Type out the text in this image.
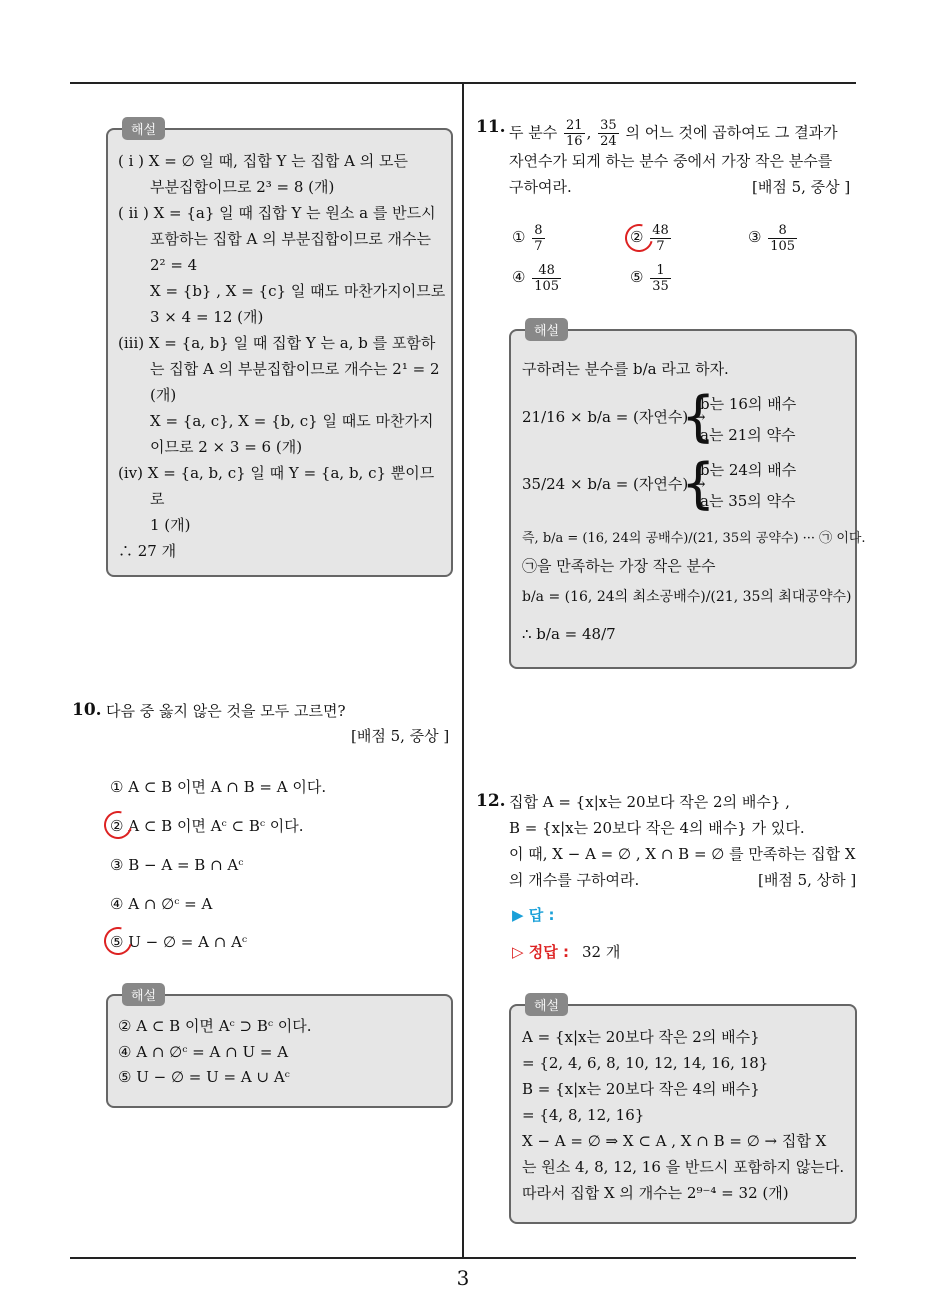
3
해설
( i ) X = ∅ 일 때, 집합 Y 는 집합 A 의 모든
부분집합이므로 2³ = 8 (개)
( ii ) X = {a} 일 때 집합 Y 는 원소 a 를 반드시
포함하는 집합 A 의 부분집합이므로 개수는
2² = 4
X = {b} , X = {c} 일 때도 마찬가지이므로
3 × 4 = 12 (개)
(iii) X = {a, b} 일 때 집합 Y 는 a, b 를 포함하
는 집합 A 의 부분집합이므로 개수는 2¹ = 2
(개)
X = {a, c}, X = {b, c} 일 때도 마찬가지
이므로 2 × 3 = 6 (개)
(iv) X = {a, b, c} 일 때 Y = {a, b, c} 뿐이므
로
1 (개)
∴ 27 개
10. 다음 중 옳지 않은 것을 모두 고르면?
[배점 5, 중상 ]
① A ⊂ B 이면 A ∩ B = A 이다.
② A ⊂ B 이면 Aᶜ ⊂ Bᶜ 이다.
③ B − A = B ∩ Aᶜ
④ A ∩ ∅ᶜ = A
⑤ U − ∅ = A ∩ Aᶜ
해설
② A ⊂ B 이면 Aᶜ ⊃ Bᶜ 이다.
④ A ∩ ∅ᶜ = A ∩ U = A
⑤ U − ∅ = U = A ∪ Aᶜ
11. 두 분수 $\frac{21}{16}$ , $\frac{35}{24}$ 의 어느 것에 곱하여도 그 결과가
자연수가 되게 하는 분수 중에서 가장 작은 분수를
구하여라.	[배점 5, 중상 ]
① $\frac{8}{7}$	② $\frac{48}{7}$	③ $\frac{8}{105}$
④ $\frac{48}{105}$	⑤ $\frac{1}{35}$
해설
구하려는 분수를 b/a 라고 하자.
21/16 × b/a = (자연수) →
{
b는 16의 배수
a는 21의 약수
35/24 × b/a = (자연수) →
{
b는 24의 배수
a는 35의 약수
즉, b/a = (16, 24의 공배수)/(21, 35의 공약수) ··· ㉠ 이다.
㉠을 만족하는 가장 작은 분수
b/a = (16, 24의 최소공배수)/(21, 35의 최대공약수)
∴ b/a = 48/7
12. 집합 A = {x|x는 20보다 작은 2의 배수} ,
B = {x|x는 20보다 작은 4의 배수} 가 있다.
이 때, X − A = ∅ , X ∩ B = ∅ 를 만족하는 집합 X
의 개수를 구하여라.	[배점 5, 상하 ]
▶ 답 :
▷ 정답 : 32 개
해설
A = {x|x는 20보다 작은 2의 배수}
= {2, 4, 6, 8, 10, 12, 14, 16, 18}
B = {x|x는 20보다 작은 4의 배수}
= {4, 8, 12, 16}
X − A = ∅ ⇒ X ⊂ A , X ∩ B = ∅ → 집합 X
는 원소 4, 8, 12, 16 을 반드시 포함하지 않는다.
따라서 집합 X 의 개수는 2⁹⁻⁴ = 32 (개)
